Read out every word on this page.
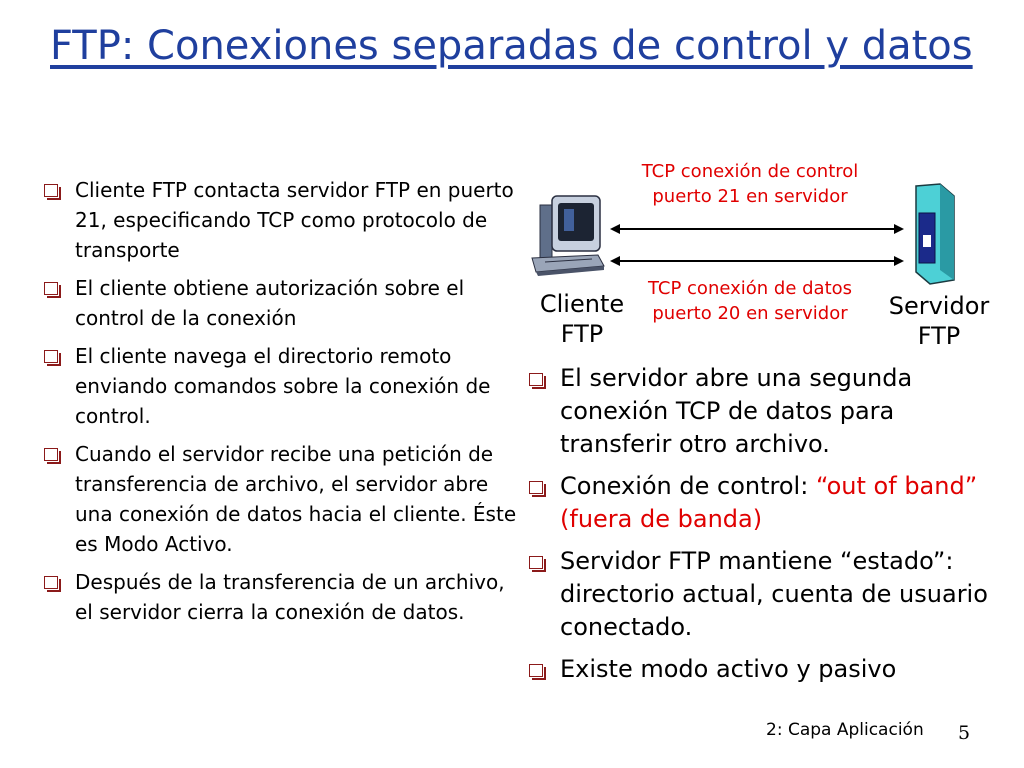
FTP: Conexiones separadas de control y datos
Cliente FTP contacta servidor FTP en puerto 21, especificando TCP como protocolo de transporte
El cliente obtiene autorización sobre el control de la conexión
El cliente navega el directorio remoto enviando comandos sobre la conexión de control.
Cuando el servidor recibe una petición de transferencia de archivo, el servidor abre una conexión de datos hacia el cliente. Éste es Modo Activo.
Después de la transferencia de un archivo, el servidor cierra la conexión de datos.
TCP conexión de control
puerto 21 en servidor
TCP conexión de datos
puerto 20 en servidor
Cliente
FTP
Servidor
FTP
El servidor abre una segunda conexión TCP de datos para transferir otro archivo.
Conexión de control: “out of band” (fuera de banda)
Servidor FTP mantiene “estado”: directorio actual, cuenta de usuario conectado.
Existe modo activo y pasivo
2: Capa Aplicación 5
